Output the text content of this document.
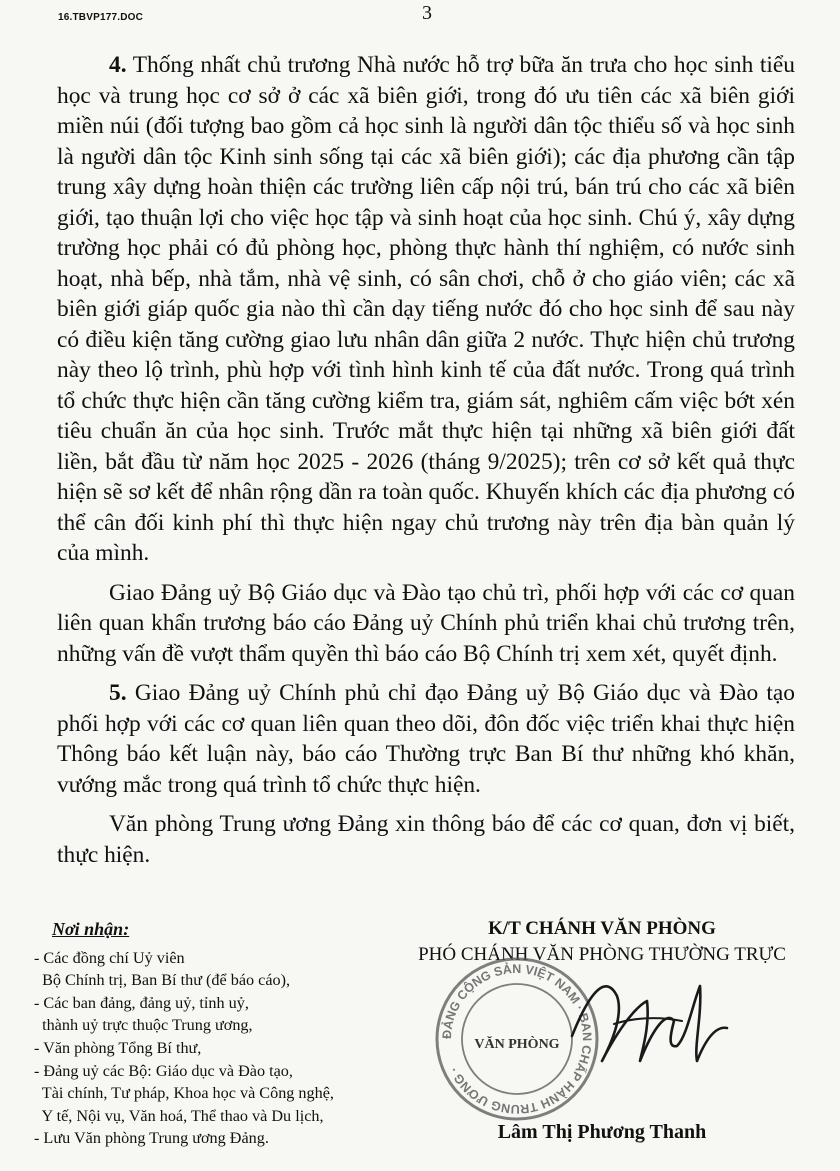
16.TBVP177.DOC	3

4. Thống nhất chủ trương Nhà nước hỗ trợ bữa ăn trưa cho học sinh tiểu học và trung học cơ sở ở các xã biên giới, trong đó ưu tiên các xã biên giới miền núi (đối tượng bao gồm cả học sinh là người dân tộc thiểu số và học sinh là người dân tộc Kinh sinh sống tại các xã biên giới); các địa phương cần tập trung xây dựng hoàn thiện các trường liên cấp nội trú, bán trú cho các xã biên giới, tạo thuận lợi cho việc học tập và sinh hoạt của học sinh. Chú ý, xây dựng trường học phải có đủ phòng học, phòng thực hành thí nghiệm, có nước sinh hoạt, nhà bếp, nhà tắm, nhà vệ sinh, có sân chơi, chỗ ở cho giáo viên; các xã biên giới giáp quốc gia nào thì cần dạy tiếng nước đó cho học sinh để sau này có điều kiện tăng cường giao lưu nhân dân giữa 2 nước. Thực hiện chủ trương này theo lộ trình, phù hợp với tình hình kinh tế của đất nước. Trong quá trình tổ chức thực hiện cần tăng cường kiểm tra, giám sát, nghiêm cấm việc bớt xén tiêu chuẩn ăn của học sinh. Trước mắt thực hiện tại những xã biên giới đất liền, bắt đầu từ năm học 2025 - 2026 (tháng 9/2025); trên cơ sở kết quả thực hiện sẽ sơ kết để nhân rộng dần ra toàn quốc. Khuyến khích các địa phương có thể cân đối kinh phí thì thực hiện ngay chủ trương này trên địa bàn quản lý của mình.

Giao Đảng uỷ Bộ Giáo dục và Đào tạo chủ trì, phối hợp với các cơ quan liên quan khẩn trương báo cáo Đảng uỷ Chính phủ triển khai chủ trương trên, những vấn đề vượt thẩm quyền thì báo cáo Bộ Chính trị xem xét, quyết định.

5. Giao Đảng uỷ Chính phủ chỉ đạo Đảng uỷ Bộ Giáo dục và Đào tạo phối hợp với các cơ quan liên quan theo dõi, đôn đốc việc triển khai thực hiện Thông báo kết luận này, báo cáo Thường trực Ban Bí thư những khó khăn, vướng mắc trong quá trình tổ chức thực hiện.

Văn phòng Trung ương Đảng xin thông báo để các cơ quan, đơn vị biết, thực hiện.

Nơi nhận:
- Các đồng chí Uỷ viên
Bộ Chính trị, Ban Bí thư (để báo cáo),
- Các ban đảng, đảng uỷ, tỉnh uỷ,
thành uỷ trực thuộc Trung ương,
- Văn phòng Tổng Bí thư,
- Đảng uỷ các Bộ: Giáo dục và Đào tạo,
Tài chính, Tư pháp, Khoa học và Công nghệ,
Y tế, Nội vụ, Văn hoá, Thể thao và Du lịch,
- Lưu Văn phòng Trung ương Đảng.
K/T CHÁNH VĂN PHÒNG
PHÓ CHÁNH VĂN PHÒNG THƯỜNG TRỰC
ĐẢNG CỘNG SẢN VIỆT NAM · BAN CHẤP HÀNH TRUNG ƯƠNG ·
VĂN PHÒNG
Lâm Thị Phương Thanh
